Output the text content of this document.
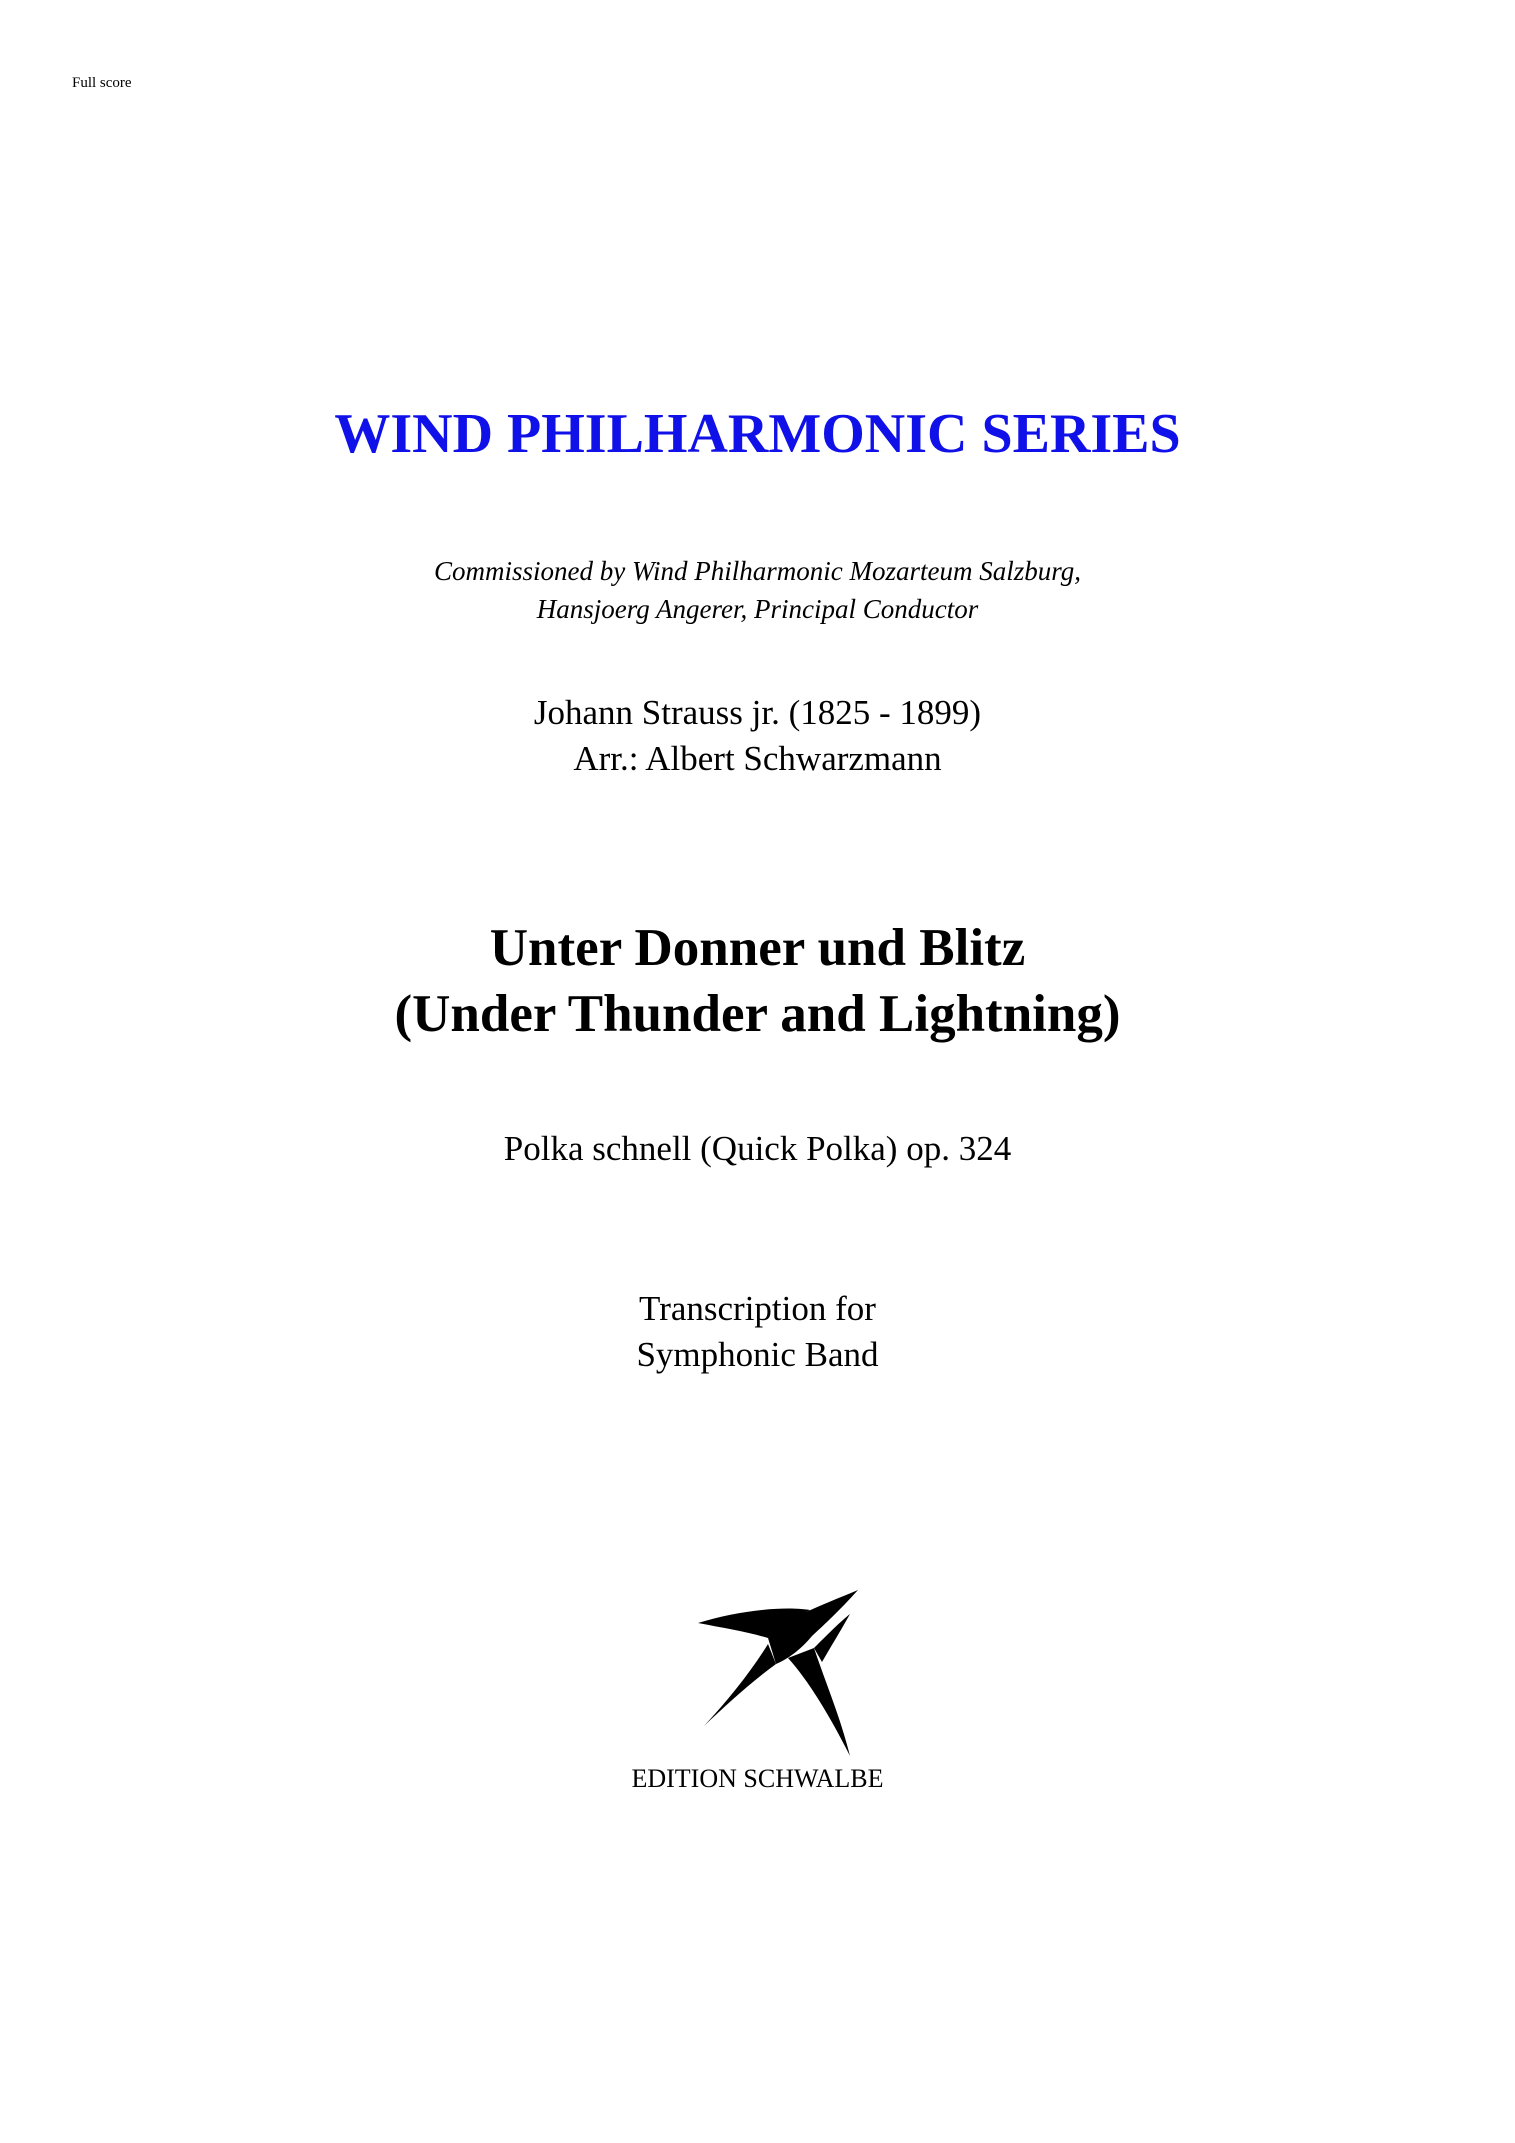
Full score
WIND PHILHARMONIC SERIES
Commissioned by Wind Philharmonic Mozarteum Salzburg,
Hansjoerg Angerer, Principal Conductor
Johann Strauss jr. (1825 - 1899)
Arr.: Albert Schwarzmann
Unter Donner und Blitz
(Under Thunder and Lightning)
Polka schnell (Quick Polka) op. 324
Transcription for
Symphonic Band
EDITION SCHWALBE
